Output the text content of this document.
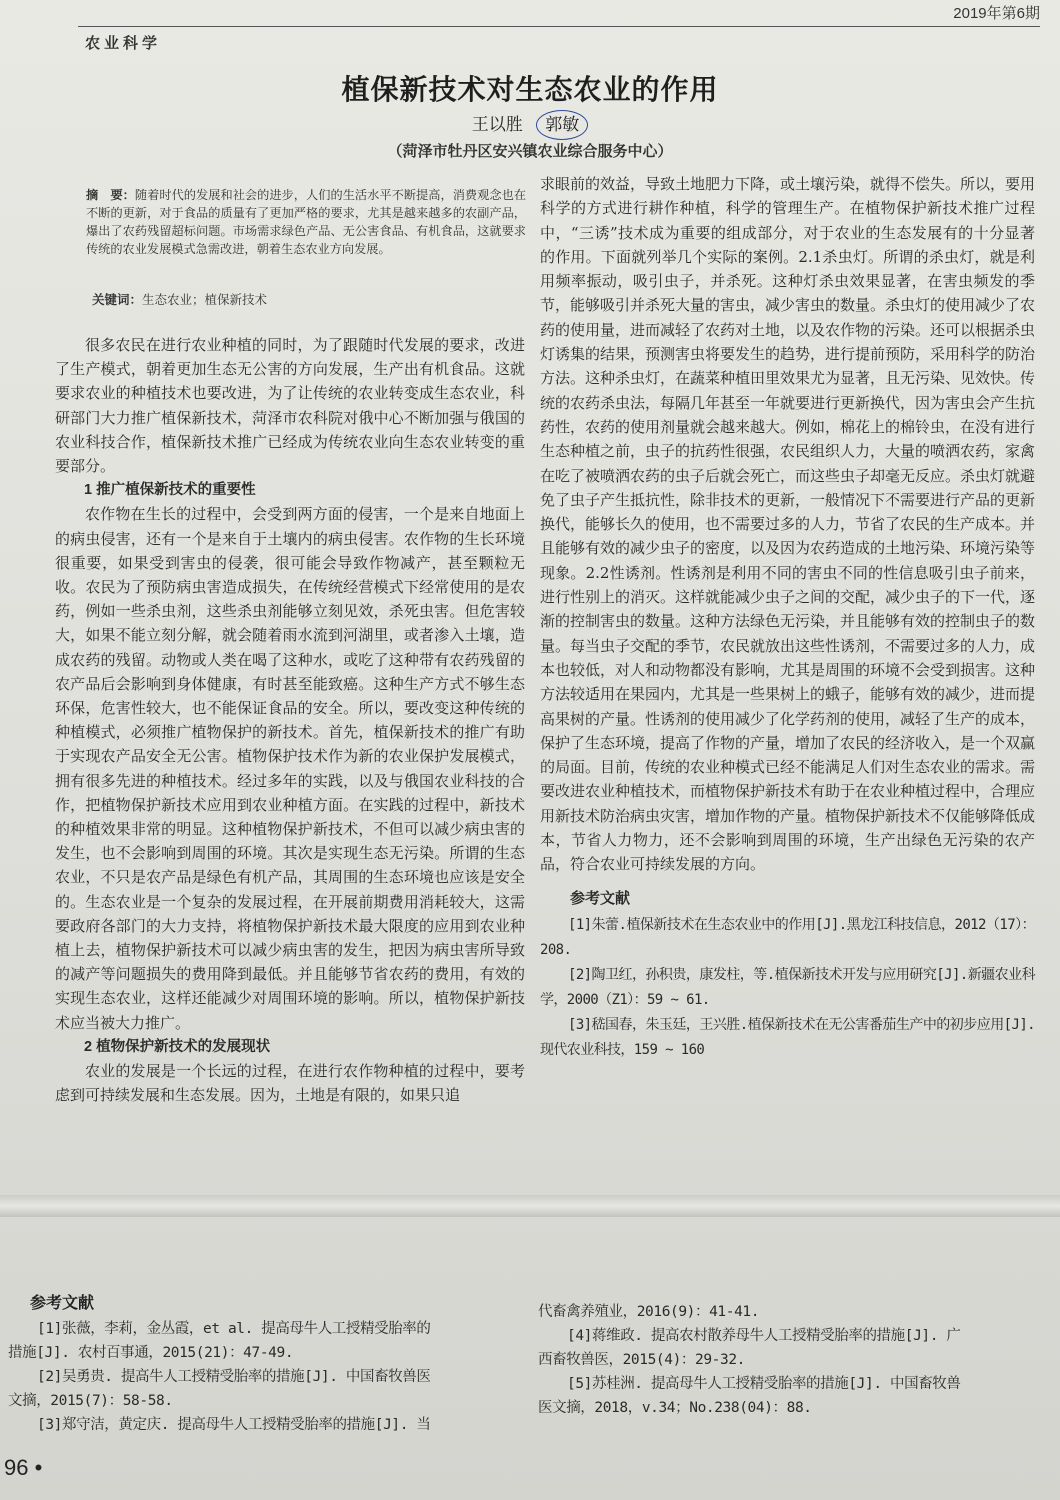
2019年第6期
农业科学
植保新技术对生态农业的作用
王以胜 郭敏
（菏泽市牡丹区安兴镇农业综合服务中心）
摘　要：随着时代的发展和社会的进步，人们的生活水平不断提高，消费观念也在不断的更新，对于食品的质量有了更加严格的要求，尤其是越来越多的农副产品，爆出了农药残留超标问题。市场需求绿色产品、无公害食品、有机食品，这就要求传统的农业发展模式急需改进，朝着生态农业方向发展。
关键词：生态农业；植保新技术

很多农民在进行农业种植的同时，为了跟随时代发展的要求，改进了生产模式，朝着更加生态无公害的方向发展，生产出有机食品。这就要求农业的种植技术也要改进，为了让传统的农业转变成生态农业，科研部门大力推广植保新技术，菏泽市农科院对俄中心不断加强与俄国的农业科技合作，植保新技术推广已经成为传统农业向生态农业转变的重要部分。

1 推广植保新技术的重要性

农作物在生长的过程中，会受到两方面的侵害，一个是来自地面上的病虫侵害，还有一个是来自于土壤内的病虫侵害。农作物的生长环境很重要，如果受到害虫的侵袭，很可能会导致作物减产，甚至颗粒无收。农民为了预防病虫害造成损失，在传统经营模式下经常使用的是农药，例如一些杀虫剂，这些杀虫剂能够立刻见效，杀死虫害。但危害较大，如果不能立刻分解，就会随着雨水流到河湖里，或者渗入土壤，造成农药的残留。动物或人类在喝了这种水，或吃了这种带有农药残留的农产品后会影响到身体健康，有时甚至能致癌。这种生产方式不够生态环保，危害性较大，也不能保证食品的安全。所以，要改变这种传统的种植模式，必须推广植物保护的新技术。首先，植保新技术的推广有助于实现农产品安全无公害。植物保护技术作为新的农业保护发展模式，拥有很多先进的种植技术。经过多年的实践，以及与俄国农业科技的合作，把植物保护新技术应用到农业种植方面。在实践的过程中，新技术的种植效果非常的明显。这种植物保护新技术，不但可以减少病虫害的发生，也不会影响到周围的环境。其次是实现生态无污染。所谓的生态农业，不只是农产品是绿色有机产品，其周围的生态环境也应该是安全的。生态农业是一个复杂的发展过程，在开展前期费用消耗较大，这需要政府各部门的大力支持，将植物保护新技术最大限度的应用到农业种植上去，植物保护新技术可以减少病虫害的发生，把因为病虫害所导致的减产等问题损失的费用降到最低。并且能够节省农药的费用，有效的实现生态农业，这样还能减少对周围环境的影响。所以，植物保护新技术应当被大力推广。

2 植物保护新技术的发展现状

农业的发展是一个长远的过程，在进行农作物种植的过程中，要考虑到可持续发展和生态发展。因为，土地是有限的，如果只追

求眼前的效益，导致土地肥力下降，或土壤污染，就得不偿失。所以，要用科学的方式进行耕作种植，科学的管理生产。在植物保护新技术推广过程中，“三诱”技术成为重要的组成部分，对于农业的生态发展有的十分显著的作用。下面就列举几个实际的案例。2.1杀虫灯。所谓的杀虫灯，就是利用频率振动，吸引虫子，并杀死。这种灯杀虫效果显著，在害虫频发的季节，能够吸引并杀死大量的害虫，减少害虫的数量。杀虫灯的使用减少了农药的使用量，进而减轻了农药对土地，以及农作物的污染。还可以根据杀虫灯诱集的结果，预测害虫将要发生的趋势，进行提前预防，采用科学的防治方法。这种杀虫灯，在蔬菜种植田里效果尤为显著，且无污染、见效快。传统的农药杀虫法，每隔几年甚至一年就要进行更新换代，因为害虫会产生抗药性，农药的使用剂量就会越来越大。例如，棉花上的棉铃虫，在没有进行生态种植之前，虫子的抗药性很强，农民组织人力，大量的喷洒农药，家禽在吃了被喷洒农药的虫子后就会死亡，而这些虫子却毫无反应。杀虫灯就避免了虫子产生抵抗性，除非技术的更新，一般情况下不需要进行产品的更新换代，能够长久的使用，也不需要过多的人力，节省了农民的生产成本。并且能够有效的减少虫子的密度，以及因为农药造成的土地污染、环境污染等现象。2.2性诱剂。性诱剂是利用不同的害虫不同的性信息吸引虫子前来，进行性别上的消灭。这样就能减少虫子之间的交配，减少虫子的下一代，逐渐的控制害虫的数量。这种方法绿色无污染，并且能够有效的控制虫子的数量。每当虫子交配的季节，农民就放出这些性诱剂，不需要过多的人力，成本也较低，对人和动物都没有影响，尤其是周围的环境不会受到损害。这种方法较适用在果园内，尤其是一些果树上的蛾子，能够有效的减少，进而提高果树的产量。性诱剂的使用减少了化学药剂的使用，减轻了生产的成本，保护了生态环境，提高了作物的产量，增加了农民的经济收入，是一个双赢的局面。目前，传统的农业种模式已经不能满足人们对生态农业的需求。需要改进农业种植技术，而植物保护新技术有助于在农业种植过程中，合理应用新技术防治病虫灾害，增加作物的产量。植物保护新技术不仅能够降低成本，节省人力物力，还不会影响到周围的环境，生产出绿色无污染的农产品，符合农业可持续发展的方向。

参考文献

[1]朱蕾.植保新技术在生态农业中的作用[J].黑龙江科技信息，2012（17）：208.

[2]陶卫红，孙积贵，康发柱，等.植保新技术开发与应用研究[J].新疆农业科学，2000（Z1）：59 ~ 61.

[3]嵇国春，朱玉廷，王兴胜.植保新技术在无公害番茄生产中的初步应用[J].现代农业科技，159 ~ 160

参考文献

[1]张薇，李莉，金丛霞，et al. 提高母牛人工授精受胎率的

措施[J]. 农村百事通，2015(21)：47-49.

[2]吴勇贵. 提高牛人工授精受胎率的措施[J]. 中国畜牧兽医

文摘，2015(7)：58-58.

[3]郑守洁，黄定庆. 提高母牛人工授精受胎率的措施[J]. 当

代畜禽养殖业，2016(9)：41-41.

[4]蒋维政. 提高农村散养母牛人工授精受胎率的措施[J]. 广

西畜牧兽医，2015(4)：29-32.

[5]苏桂洲. 提高母牛人工授精受胎率的措施[J]. 中国畜牧兽

医文摘，2018，v.34；No.238(04)：88.

96 •
